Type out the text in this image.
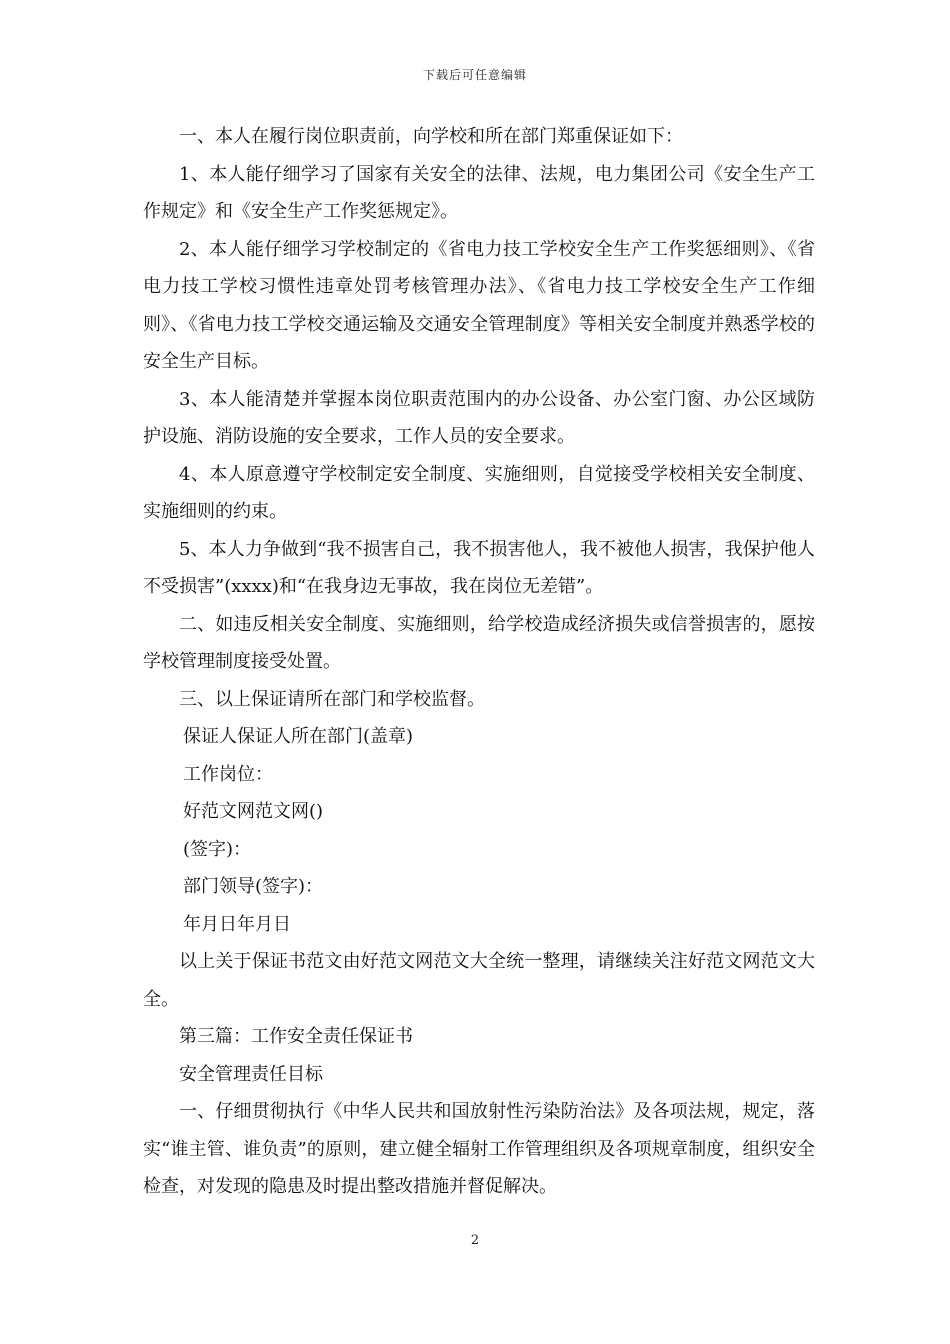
下载后可任意编辑

一、本人在履行岗位职责前，向学校和所在部门郑重保证如下：

1、本人能仔细学习了国家有关安全的法律、法规，电力集团公司《安全生产工作规定》和《安全生产工作奖惩规定》。

2、本人能仔细学习学校制定的《省电力技工学校安全生产工作奖惩细则》、《省电力技工学校习惯性违章处罚考核管理办法》、《省电力技工学校安全生产工作细则》、《省电力技工学校交通运输及交通安全管理制度》等相关安全制度并熟悉学校的安全生产目标。

3、本人能清楚并掌握本岗位职责范围内的办公设备、办公室门窗、办公区域防护设施、消防设施的安全要求，工作人员的安全要求。

4、本人原意遵守学校制定安全制度、实施细则，自觉接受学校相关安全制度、实施细则的约束。

5、本人力争做到“我不损害自己，我不损害他人，我不被他人损害，我保护他人不受损害”(xxxx)和“在我身边无事故，我在岗位无差错”。

二、如违反相关安全制度、实施细则，给学校造成经济损失或信誉损害的，愿按学校管理制度接受处置。

三、以上保证请所在部门和学校监督。

保证人保证人所在部门(盖章)

工作岗位：

好范文网范文网()

(签字)：

部门领导(签字)：

年月日年月日

以上关于保证书范文由好范文网范文大全统一整理，请继续关注好范文网范文大全。

第三篇：工作安全责任保证书

安全管理责任目标

一、仔细贯彻执行《中华人民共和国放射性污染防治法》及各项法规，规定，落实“谁主管、谁负责”的原则，建立健全辐射工作管理组织及各项规章制度，组织安全检查，对发现的隐患及时提出整改措施并督促解决。

2
